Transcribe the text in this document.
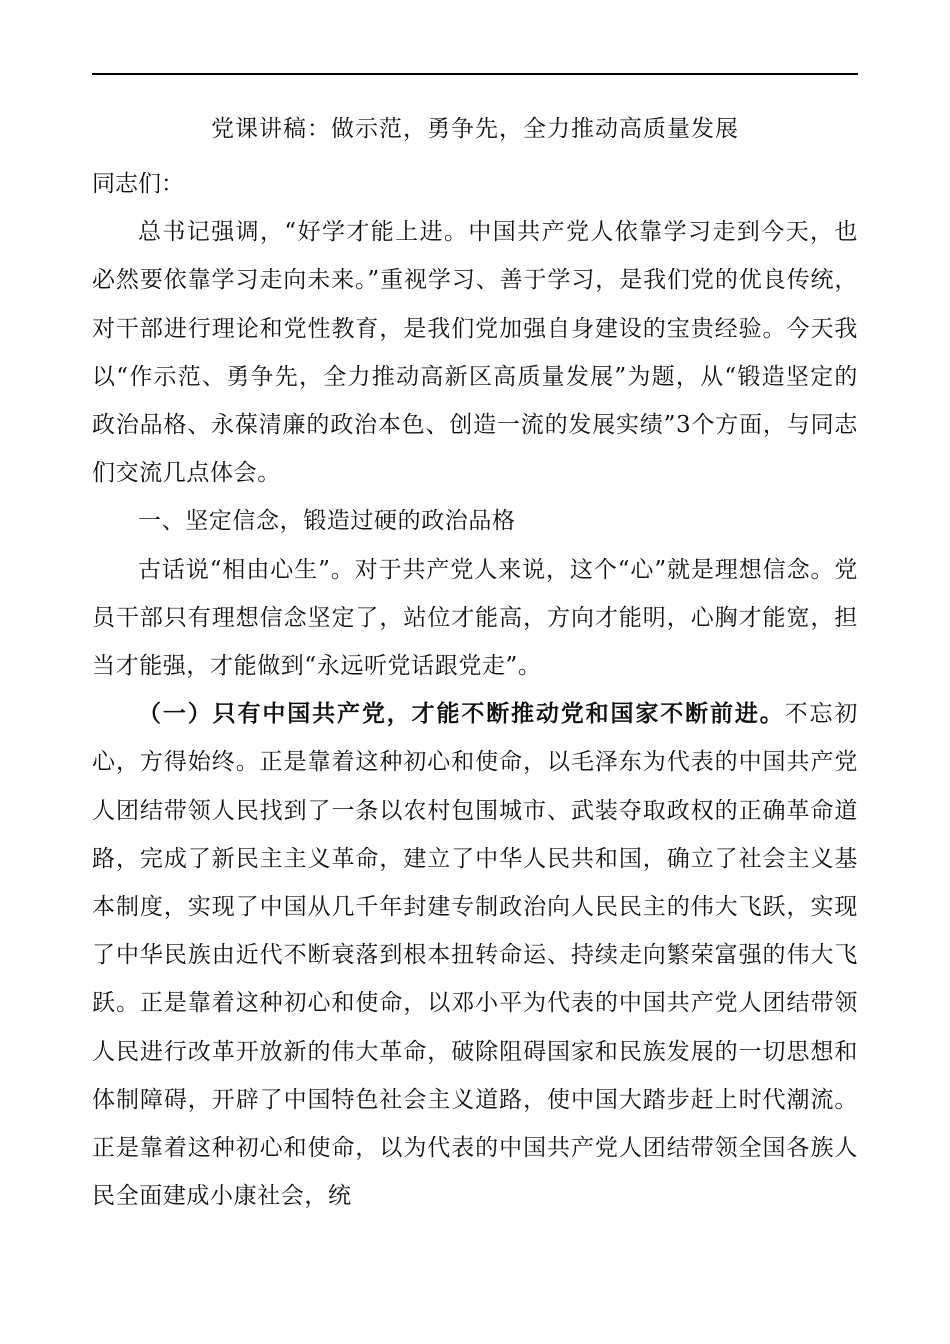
党课讲稿：做示范，勇争先，全力推动高质量发展

同志们：

总书记强调，“好学才能上进。中国共产党人依靠学习走到今天，也必然要依靠学习走向未来。”重视学习、善于学习，是我们党的优良传统，对干部进行理论和党性教育，是我们党加强自身建设的宝贵经验。今天我以“作示范、勇争先，全力推动高新区高质量发展”为题，从“锻造坚定的政治品格、永葆清廉的政治本色、创造一流的发展实绩”3个方面，与同志们交流几点体会。

一、坚定信念，锻造过硬的政治品格

古话说“相由心生”。对于共产党人来说，这个“心”就是理想信念。党员干部只有理想信念坚定了，站位才能高，方向才能明，心胸才能宽，担当才能强，才能做到“永远听党话跟党走”。

（一）只有中国共产党，才能不断推动党和国家不断前进。不忘初心，方得始终。正是靠着这种初心和使命，以毛泽东为代表的中国共产党人团结带领人民找到了一条以农村包围城市、武装夺取政权的正确革命道路，完成了新民主主义革命，建立了中华人民共和国，确立了社会主义基本制度，实现了中国从几千年封建专制政治向人民民主的伟大飞跃，实现了中华民族由近代不断衰落到根本扭转命运、持续走向繁荣富强的伟大飞跃。正是靠着这种初心和使命，以邓小平为代表的中国共产党人团结带领人民进行改革开放新的伟大革命，破除阻碍国家和民族发展的一切思想和体制障碍，开辟了中国特色社会主义道路，使中国大踏步赶上时代潮流。正是靠着这种初心和使命，以为代表的中国共产党人团结带领全国各族人民全面建成小康社会，统
